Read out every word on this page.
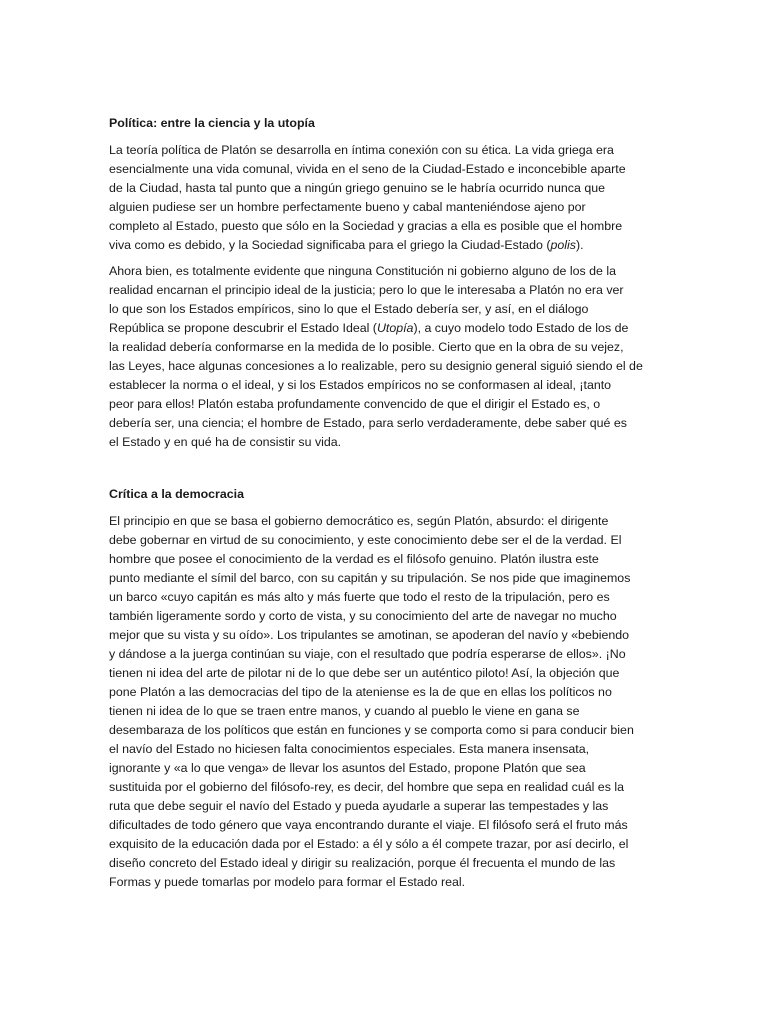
Política: entre la ciencia y la utopía
La teoría política de Platón se desarrolla en íntima conexión con su ética. La vida griega era
esencialmente una vida comunal, vivida en el seno de la Ciudad-Estado e inconcebible aparte
de la Ciudad, hasta tal punto que a ningún griego genuino se le habría ocurrido nunca que
alguien pudiese ser un hombre perfectamente bueno y cabal manteniéndose ajeno por
completo al Estado, puesto que sólo en la Sociedad y gracias a ella es posible que el hombre
viva como es debido, y la Sociedad significaba para el griego la Ciudad-Estado (polis).
Ahora bien, es totalmente evidente que ninguna Constitución ni gobierno alguno de los de la
realidad encarnan el principio ideal de la justicia; pero lo que le interesaba a Platón no era ver
lo que son los Estados empíricos, sino lo que el Estado debería ser, y así, en el diálogo
República se propone descubrir el Estado Ideal (Utopía), a cuyo modelo todo Estado de los de
la realidad debería conformarse en la medida de lo posible. Cierto que en la obra de su vejez,
las Leyes, hace algunas concesiones a lo realizable, pero su designio general siguió siendo el de
establecer la norma o el ideal, y si los Estados empíricos no se conformasen al ideal, ¡tanto
peor para ellos! Platón estaba profundamente convencido de que el dirigir el Estado es, o
debería ser, una ciencia; el hombre de Estado, para serlo verdaderamente, debe saber qué es
el Estado y en qué ha de consistir su vida.
Crítica a la democracia
El principio en que se basa el gobierno democrático es, según Platón, absurdo: el dirigente
debe gobernar en virtud de su conocimiento, y este conocimiento debe ser el de la verdad. El
hombre que posee el conocimiento de la verdad es el filósofo genuino. Platón ilustra este
punto mediante el símil del barco, con su capitán y su tripulación. Se nos pide que imaginemos
un barco «cuyo capitán es más alto y más fuerte que todo el resto de la tripulación, pero es
también ligeramente sordo y corto de vista, y su conocimiento del arte de navegar no mucho
mejor que su vista y su oído». Los tripulantes se amotinan, se apoderan del navío y «bebiendo
y dándose a la juerga continúan su viaje, con el resultado que podría esperarse de ellos». ¡No
tienen ni idea del arte de pilotar ni de lo que debe ser un auténtico piloto! Así, la objeción que
pone Platón a las democracias del tipo de la ateniense es la de que en ellas los políticos no
tienen ni idea de lo que se traen entre manos, y cuando al pueblo le viene en gana se
desembaraza de los políticos que están en funciones y se comporta como si para conducir bien
el navío del Estado no hiciesen falta conocimientos especiales. Esta manera insensata,
ignorante y «a lo que venga» de llevar los asuntos del Estado, propone Platón que sea
sustituida por el gobierno del filósofo-rey, es decir, del hombre que sepa en realidad cuál es la
ruta que debe seguir el navío del Estado y pueda ayudarle a superar las tempestades y las
dificultades de todo género que vaya encontrando durante el viaje. El filósofo será el fruto más
exquisito de la educación dada por el Estado: a él y sólo a él compete trazar, por así decirlo, el
diseño concreto del Estado ideal y dirigir su realización, porque él frecuenta el mundo de las
Formas y puede tomarlas por modelo para formar el Estado real.
